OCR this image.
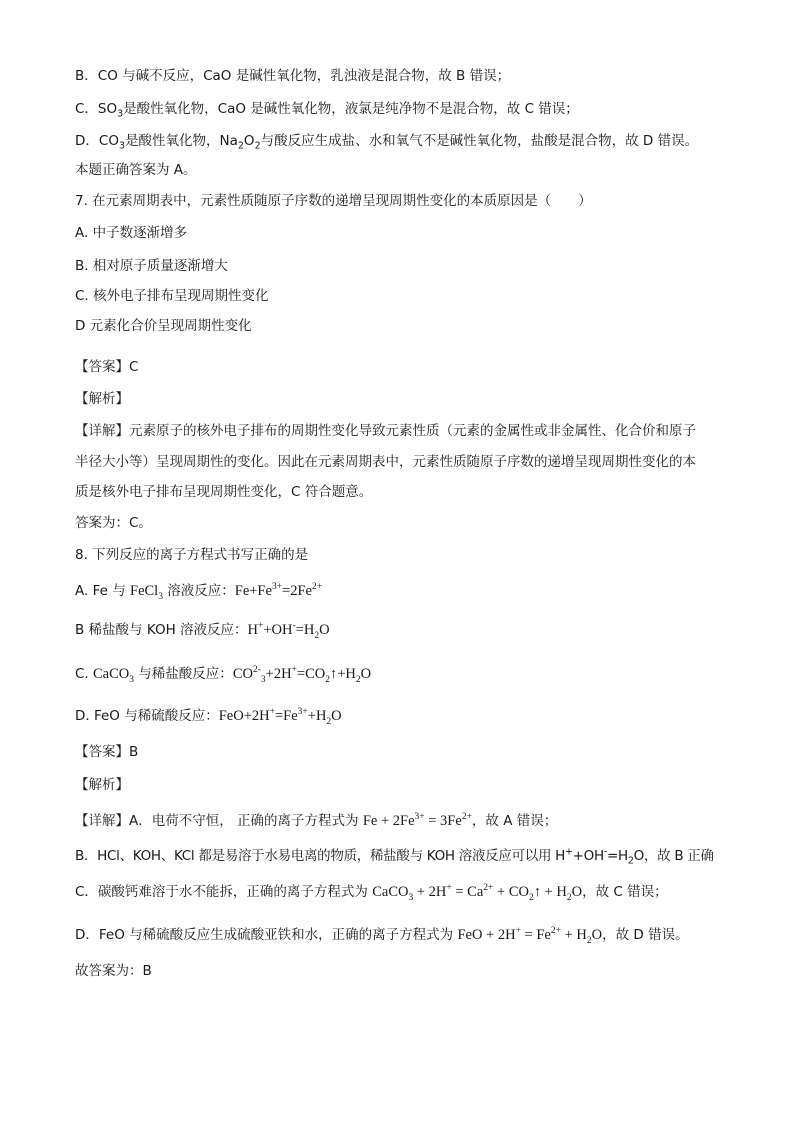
B．CO 与碱不反应，CaO 是碱性氧化物，乳浊液是混合物，故 B 错误；
C．$SO_3$是酸性氧化物，CaO 是碱性氧化物，液氯是纯净物不是混合物，故 C 错误；
D．$CO_3$是酸性氧化物，$Na_2O_2$与酸反应生成盐、水和氧气不是碱性氧化物，盐酸是混合物，故 D 错误。
本题正确答案为 A。
7. 在元素周期表中，元素性质随原子序数的递增呈现周期性变化的本质原因是（　　）
A. 中子数逐渐增多
B. 相对原子质量逐渐增大
C. 核外电子排布呈现周期性变化
D 元素化合价呈现周期性变化
【答案】C
【解析】
【详解】元素原子的核外电子排布的周期性变化导致元素性质（元素的金属性或非金属性、化合价和原子
半径大小等）呈现周期性的变化。因此在元素周期表中，元素性质随原子序数的递增呈现周期性变化的本
质是核外电子排布呈现周期性变化，C 符合题意。
答案为：C。
8. 下列反应的离子方程式书写正确的是
A. Fe 与 FeCl$_3$ 溶液反应：$Fe+Fe^{3+}=2Fe^{2+}$
B 稀盐酸与 KOH 溶液反应：$H^++OH^-=H_2O$
C. CaCO$_3$ 与稀盐酸反应：$CO^{2-}_3+2H^+=CO_2↑+H_2O$
D. FeO 与稀硫酸反应：$FeO+2H^+=Fe^{3+}+H_2O$
【答案】B
【解析】
【详解】A．电荷不守恒， 正确的离子方程式为 $Fe + 2Fe^{3+} = 3Fe^{2+}$，故 A 错误；
B．HCl、KOH、KCl 都是易溶于水易电离的物质，稀盐酸与 KOH 溶液反应可以用 $H^++OH^-=H_2O$，故 B 正确
C．碳酸钙难溶于水不能拆，正确的离子方程式为 CaCO$_3$ + $2H^+ = Ca^{2+}$ + $CO_2↑ + H_2O$，故 C 错误；
D．FeO 与稀硫酸反应生成硫酸亚铁和水，正确的离子方程式为 FeO + $2H^+ = Fe^{2+} + H_2O$，故 D 错误。
故答案为：B
